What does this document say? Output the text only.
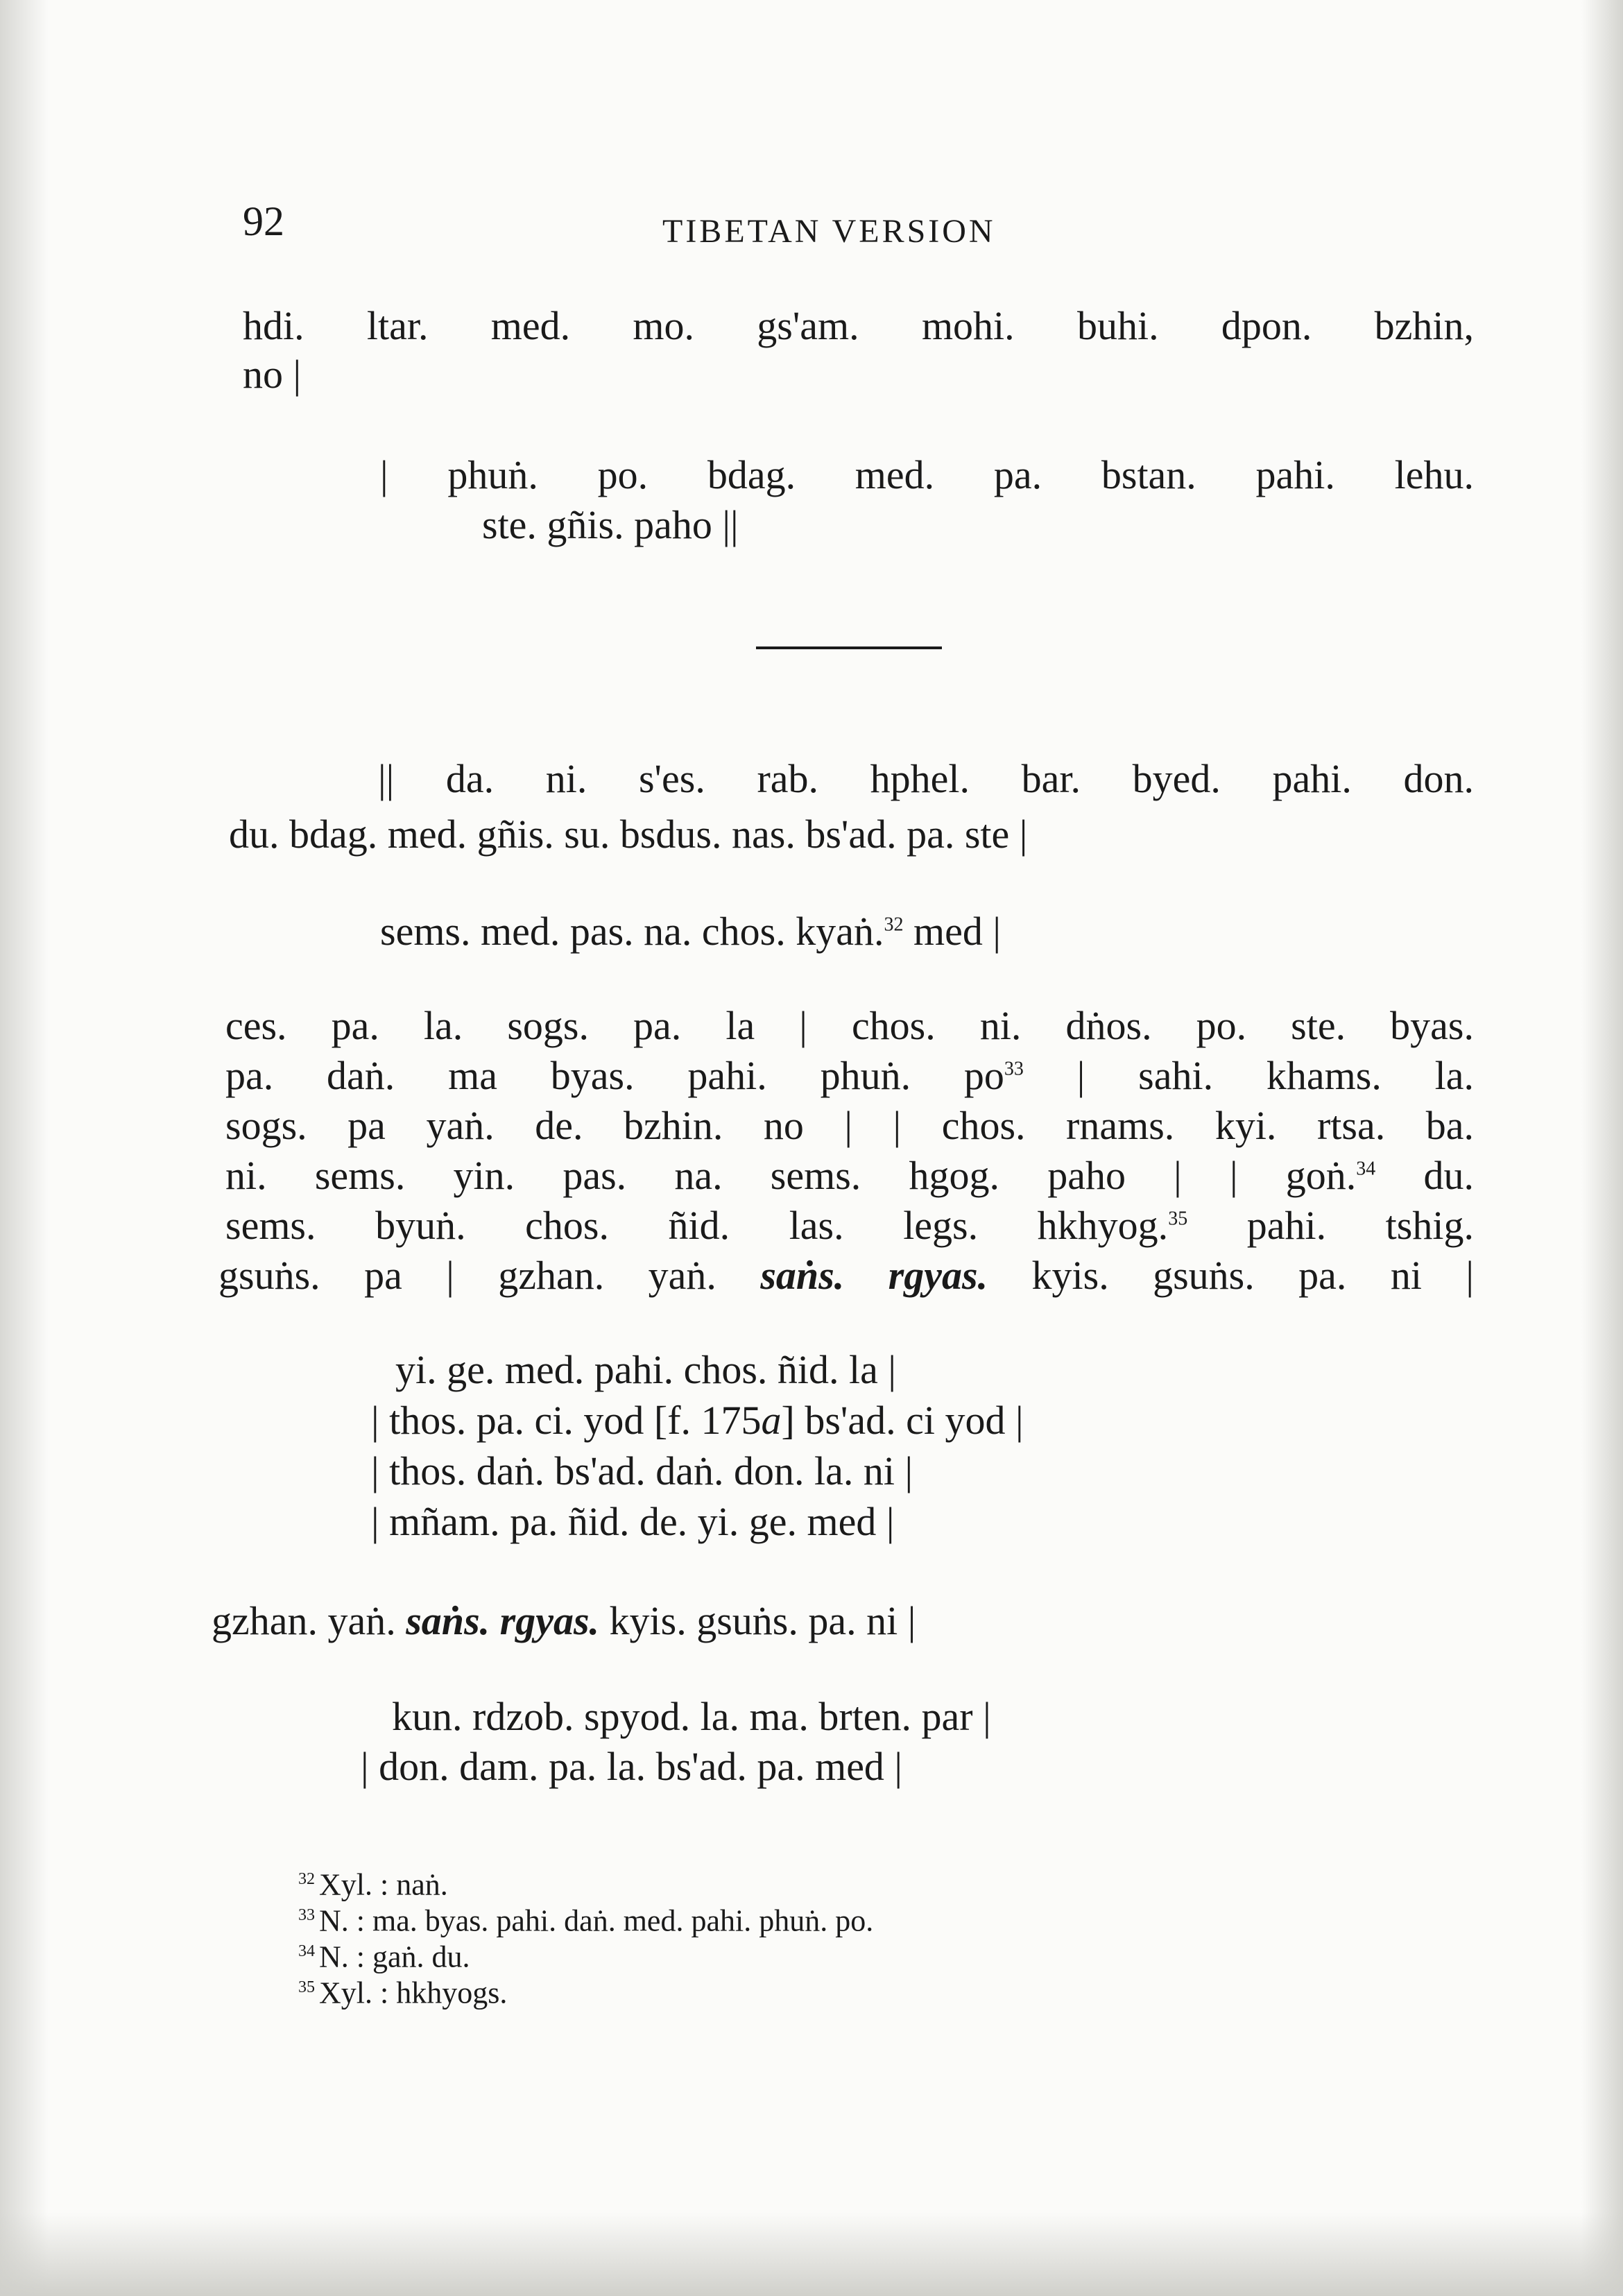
92	TIBETAN VERSION
hdi. ltar. med. mo. gs'am. mohi. buhi. dpon. bzhin,
no |
| phuṅ. po. bdag. med. pa. bstan. pahi. lehu.
ste. gñis. paho ||
|| da. ni. s'es. rab. hphel. bar. byed. pahi. don.
du. bdag. med. gñis. su. bsdus. nas. bs'ad. pa. ste |
sems. med. pas. na. chos. kyaṅ.$^{32}$ med |
ces. pa. la. sogs. pa. la | chos. ni. dṅos. po. ste. byas.
pa. daṅ. ma byas. pahi. phuṅ. $po^{33}$ | sahi. khams. la.
sogs. pa yaṅ. de. bzhin. no | | chos. rnams. kyi. rtsa. ba.
ni. sems. yin. pas. na. sems. hgog. paho | | goṅ.$^{34}$ du.
sems. byuṅ. chos. ñid. las. legs. hkhyog.$^{35}$ pahi. tshig.
gsuṅs. pa | gzhan. yaṅ. saṅs. rgyas. kyis. gsuṅs. pa. ni |
yi. ge. med. pahi. chos. ñid. la |
| thos. pa. ci. yod [f. 175a] bs'ad. ci yod |
| thos. daṅ. bs'ad. daṅ. don. la. ni |
| mñam. pa. ñid. de. yi. ge. med |
gzhan. yaṅ. saṅs. rgyas. kyis. gsuṅs. pa. ni |
kun. rdzob. spyod. la. ma. brten. par |
| don. dam. pa. la. bs'ad. pa. med |
$^{32}$ Xyl. : naṅ.
$^{33}$ N. : ma. byas. pahi. daṅ. med. pahi. phuṅ. po.
$^{34}$ N. : gaṅ. du.
$^{35}$ Xyl. : hkhyogs.
